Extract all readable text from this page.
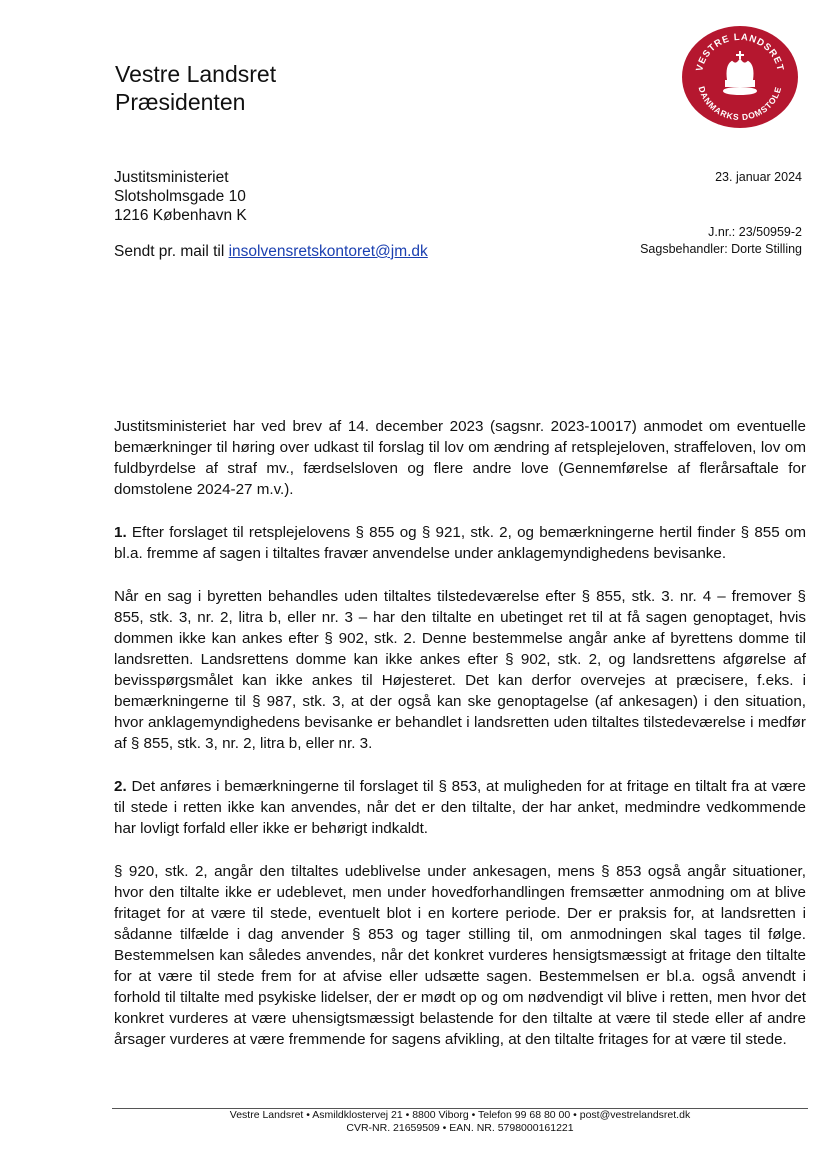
Vestre Landsret
Præsidenten
VESTRE LANDSRET
DANMARKS DOMSTOLE
Justitsministeriet
Slotsholmsgade 10
1216 København K
Sendt pr. mail til insolvensretskontoret@jm.dk
23. januar 2024
J.nr.: 23/50959-2
Sagsbehandler: Dorte Stilling

Justitsministeriet har ved brev af 14. december 2023 (sagsnr. 2023-10017) anmodet om eventuelle bemærkninger til høring over udkast til forslag til lov om ændring af retsplejeloven, straffeloven, lov om fuldbyrdelse af straf mv., færdselsloven og flere andre love (Gennemførelse af flerårsaftale for domstolene 2024-27 m.v.).

1. Efter forslaget til retsplejelovens § 855 og § 921, stk. 2, og bemærkningerne hertil finder § 855 om bl.a. fremme af sagen i tiltaltes fravær anvendelse under anklagemyndighedens bevisanke.

Når en sag i byretten behandles uden tiltaltes tilstedeværelse efter § 855, stk. 3. nr. 4 – fremover § 855, stk. 3, nr. 2, litra b, eller nr. 3 – har den tiltalte en ubetinget ret til at få sagen genoptaget, hvis dommen ikke kan ankes efter § 902, stk. 2. Denne bestemmelse angår anke af byrettens domme til landsretten. Landsrettens domme kan ikke ankes efter § 902, stk. 2, og landsrettens afgørelse af bevisspørgsmålet kan ikke ankes til Højesteret. Det kan derfor overvejes at præcisere, f.eks. i bemærkningerne til § 987, stk. 3, at der også kan ske genoptagelse (af ankesagen) i den situation, hvor anklagemyndighedens bevisanke er behandlet i landsretten uden tiltaltes tilstedeværelse i medfør af § 855, stk. 3, nr. 2, litra b, eller nr. 3.

2. Det anføres i bemærkningerne til forslaget til § 853, at muligheden for at fritage en tiltalt fra at være til stede i retten ikke kan anvendes, når det er den tiltalte, der har anket, medmindre vedkommende har lovligt forfald eller ikke er behørigt indkaldt.

§ 920, stk. 2, angår den tiltaltes udeblivelse under ankesagen, mens § 853 også angår situationer, hvor den tiltalte ikke er udeblevet, men under hovedforhandlingen fremsætter anmodning om at blive fritaget for at være til stede, eventuelt blot i en kortere periode. Der er praksis for, at landsretten i sådanne tilfælde i dag anvender § 853 og tager stilling til, om anmodningen skal tages til følge. Bestemmelsen kan således anvendes, når det konkret vurderes hensigtsmæssigt at fritage den tiltalte for at være til stede frem for at afvise eller udsætte sagen. Bestemmelsen er bl.a. også anvendt i forhold til tiltalte med psykiske lidelser, der er mødt op og om nødvendigt vil blive i retten, men hvor det konkret vurderes at være uhensigtsmæssigt belastende for den tiltalte at være til stede eller af andre årsager vurderes at være fremmende for sagens afvikling, at den tiltalte fritages for at være til stede.

Vestre Landsret • Asmildklostervej 21 • 8800 Viborg • Telefon 99 68 80 00 • post@vestrelandsret.dk
CVR-NR. 21659509 • EAN. NR. 5798000161221
